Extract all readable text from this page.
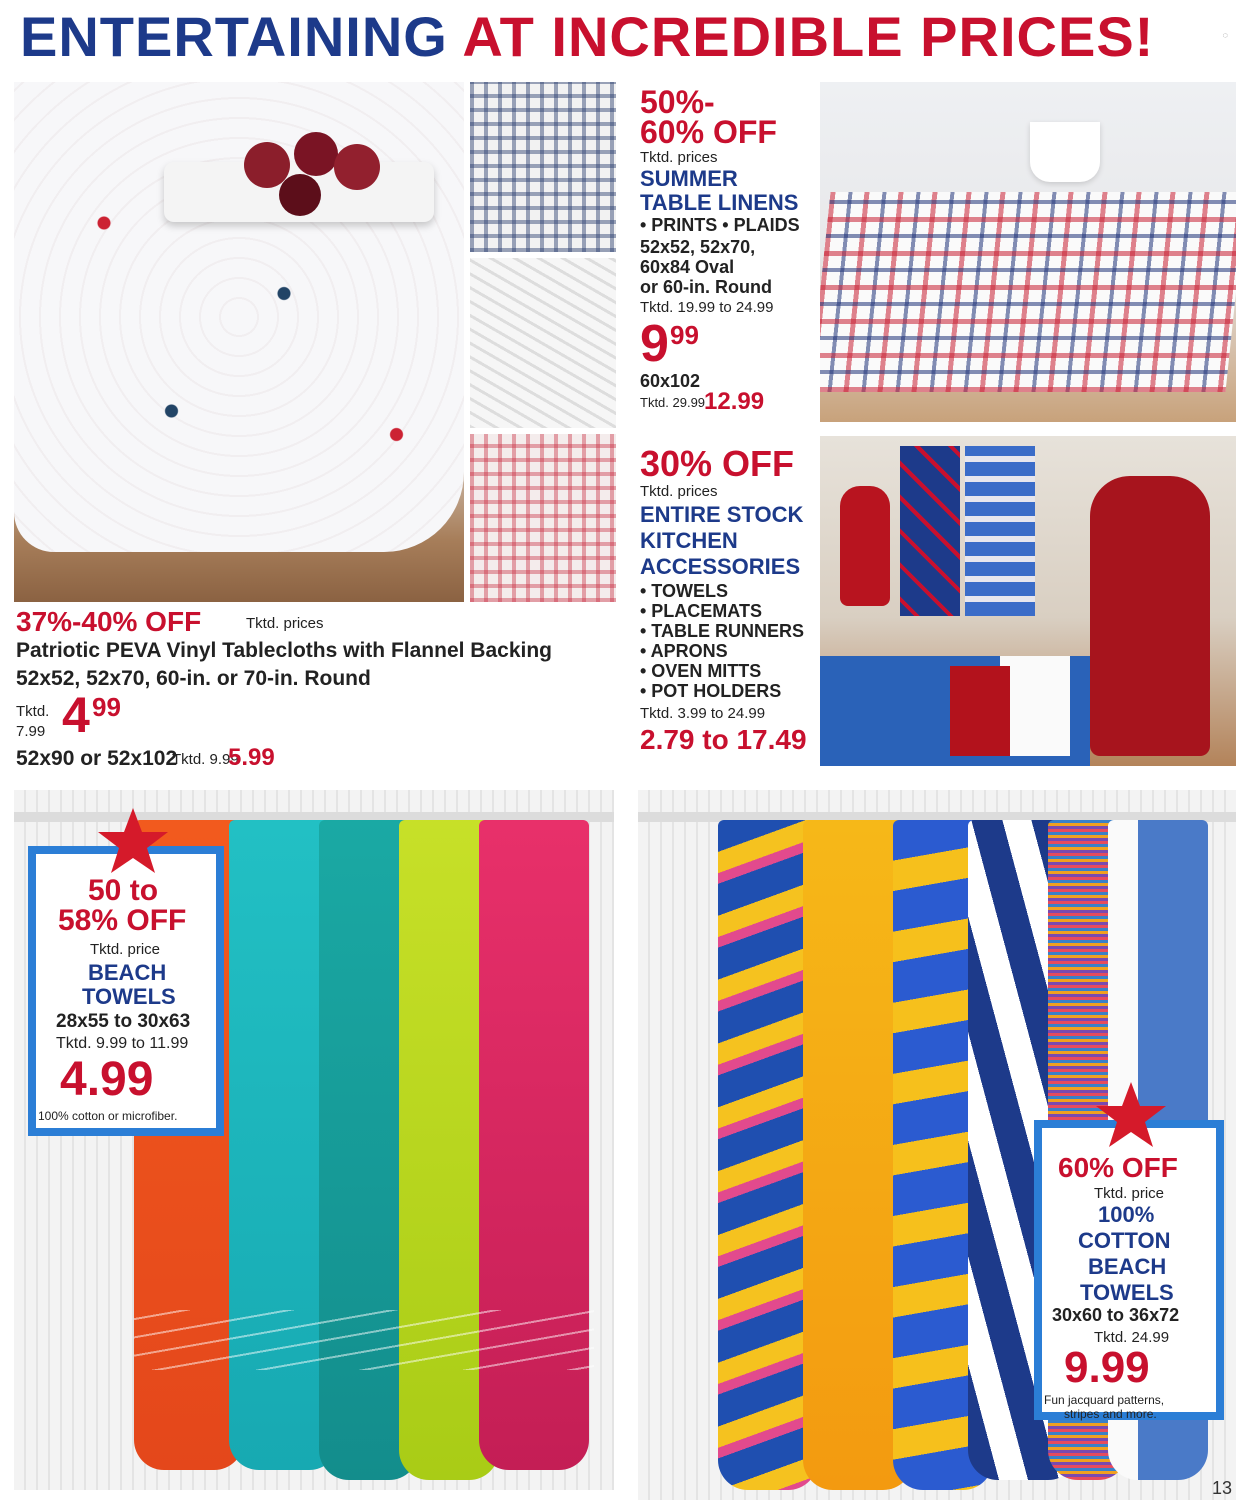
ENTERTAINING AT INCREDIBLE PRICES!	◌
37%-40% OFF	Tktd. prices
Patriotic PEVA Vinyl Tablecloths with Flannel Backing
52x52, 52x70, 60-in. or 70-in. Round
Tktd.
7.99 4 99
52x90 or 52x102
Tktd. 9.99
5.99
50%-
60% OFF
Tktd. prices
SUMMER
TABLE LINENS
• PRINTS • PLAIDS
52x52, 52x70,
60x84 Oval
or 60-in. Round
Tktd. 19.99 to 24.99
9 99
60x102
Tktd. 29.99
12.99
30% OFF
Tktd. prices
ENTIRE STOCK
KITCHEN
ACCESSORIES
• TOWELS
• PLACEMATS
• TABLE RUNNERS
• APRONS
• OVEN MITTS
• POT HOLDERS
Tktd. 3.99 to 24.99
2.79 to 17.49
50 to
58% OFF
Tktd. price
BEACH
TOWELS
28x55 to 30x63
Tktd. 9.99 to 11.99
4.99
100% cotton or microfiber.
60% OFF
Tktd. price
100%
COTTON
BEACH
TOWELS
30x60 to 36x72
Tktd. 24.99
9.99
Fun jacquard patterns,
stripes and more.
13
